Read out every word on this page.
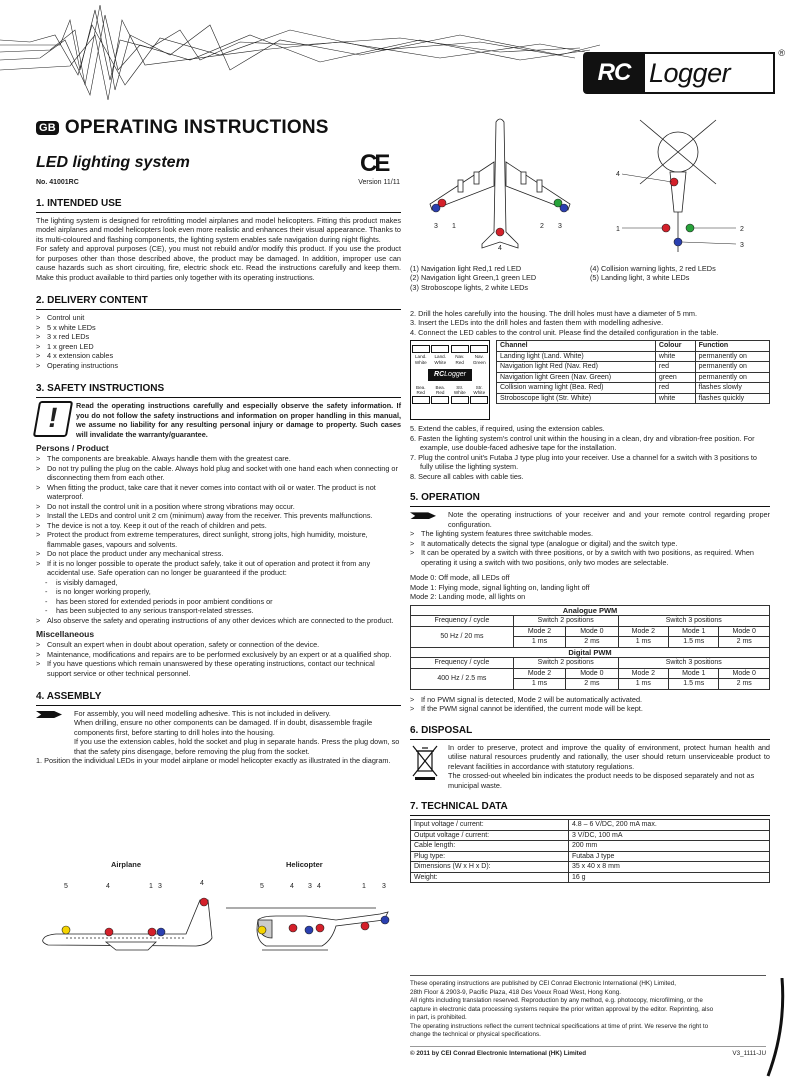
RC Logger
®
GB OPERATING INSTRUCTIONS
LED lighting system	CE
No. 41001RC	Version 11/11
1. INTENDED USE

The lighting system is designed for retrofitting model airplanes and model helicopters. Fitting this product makes model airplanes and model helicopters look even more realistic and enhances their visual appearance. Thanks to its multi-coloured and flashing components, the lighting system enables safe navigation during night flights.

For safety and approval purposes (CE), you must not rebuild and/or modify this product. If you use the product for purposes other than those described above, the product may be damaged. In addition, improper use can cause hazards such as short circuiting, fire, electric shock etc. Read the instructions carefully and keep them. Make this product available to third parties only together with its operating instructions.

2. DELIVERY CONTENT
> Control unit
> 5 x white LEDs
> 3 x red LEDs
> 1 x green LED
> 4 x extension cables
> Operating instructions
3. SAFETY INSTRUCTIONS
!	Read the operating instructions carefully and especially observe the safety information. If you do not follow the safety instructions and information on proper handling in this manual, we assume no liability for any resulting personal injury or damage to property. Such cases will invalidate the warranty/guarantee.
Persons / Product
> The components are breakable. Always handle them with the greatest care.
> Do not try pulling the plug on the cable. Always hold plug and socket with one hand each when connecting or disconnecting them from each other.
> When fitting the product, take care that it never comes into contact with oil or water. The product is not waterproof.
> Do not install the control unit in a position where strong vibrations may occur.
> Install the LEDs and control unit 2 cm (minimum) away from the receiver. This prevents malfunctions.
> The device is not a toy. Keep it out of the reach of children and pets.
> Protect the product from extreme temperatures, direct sunlight, strong jolts, high humidity, moisture, flammable gases, vapours and solvents.
> Do not place the product under any mechanical stress.
> If it is no longer possible to operate the product safely, take it out of operation and protect it from any accidental use. Safe operation can no longer be guaranteed if the product:
- is visibly damaged,
- is no longer working properly,
- has been stored for extended periods in poor ambient conditions or
- has been subjected to any serious transport-related stresses.
> Also observe the safety and operating instructions of any other devices which are connected to the product.
Miscellaneous
> Consult an expert when in doubt about operation, safety or connection of the device.
> Maintenance, modifications and repairs are to be performed exclusively by an expert or at a qualified shop.
> If you have questions which remain unanswered by these operating instructions, contact our technical support service or other technical personnel.
4. ASSEMBLY
For assembly, you will need modelling adhesive. This is not included in delivery.
When drilling, ensure no other components can be damaged. If in doubt, disassemble fragile components first, before starting to drill holes into the housing.
If you use the extension cables, hold the socket and plug in separate hands. Press the plug down, so that the safety pins disengage, before removing the plug from the socket.
1. Position the individual LEDs in your model airplane or model helicopter exactly as illustrated in the diagram.
Airplane	Helicopter
5	4	1 3	4	5	4 3 4	1 3
3 1
4
2 3
4
1	2
3
(1) Navigation light Red,1 red LED
(2) Navigation light Green,1 green LED
(3) Stroboscope lights, 2 white LEDs
(4) Collision warning lights, 2 red LEDs
(5) Landing light, 3 white LEDs
2. Drill the holes carefully into the housing. The drill holes must have a diameter of 5 mm.
3. Insert the LEDs into the drill holes and fasten them with modelling adhesive.
4. Connect the LED cables to the control unit. Please find the detailed configuration in the table.
Land. White
Land. White
Nav. Red
Nav. Green
RCLogger
Bea. Red
Bea. Red
Str. White
Str. White
Channel	Colour	Function
Landing light (Land. White)	white	permanently on
Navigation light Red (Nav. Red)	red	permanently on
Navigation light Green (Nav. Green)	green	permanently on
Collision warning light (Bea. Red)	red	flashes slowly
Stroboscope light (Str. White)	white	flashes quickly
5. Extend the cables, if required, using the extension cables.
6. Fasten the lighting system's control unit within the housing in a clean, dry and vibration-free position. For example, use double-faced adhesive tape for the installation.
7. Plug the control unit's Futaba J type plug into your receiver. Use a channel for a switch with 3 positions to fully utilise the lighting system.
8. Secure all cables with cable ties.
5. OPERATION
Note the operating instructions of your receiver and and your remote control regarding proper configuration.
> The lighting system features three switchable modes.
> It automatically detects the signal type (analogue or digital) and the switch type.
> It can be operated by a switch with three positions, or by a switch with two positions, as required. When operating it using a switch with two positions, only two modes are selectable.
Mode 0: Off mode, all LEDs off
Mode 1: Flying mode, signal lighting on, landing light off
Mode 2: Landing mode, all lights on
Analogue PWM					
Frequency / cycle	Switch 2 positions		Switch 3 positions		
50 Hz / 20 ms	Mode 2	Mode 0	Mode 2	Mode 1	Mode 0
	1 ms	2 ms	1 ms	1.5 ms	2 ms
Digital PWM					
Frequency / cycle	Switch 2 positions		Switch 3 positions		
400 Hz / 2.5 ms	Mode 2	Mode 0	Mode 2	Mode 1	Mode 0
	1 ms	2 ms	1 ms	1.5 ms	2 ms
> If no PWM signal is detected, Mode 2 will be automatically activated.
> If the PWM signal cannot be identified, the current mode will be kept.
6. DISPOSAL
In order to preserve, protect and improve the quality of environment, protect human health and utilise natural resources prudently and rationally, the user should return unserviceable product to relevant facilities in accordance with statutory regulations.
The crossed-out wheeled bin indicates the product needs to be disposed separately and not as municipal waste.
7. TECHNICAL DATA
Input voltage / current:	4.8 – 6 V/DC, 200 mA max.
Output voltage / current:	3 V/DC, 100 mA
Cable length:	200 mm
Plug type:	Futaba J type
Dimensions (W x H x D):	35 x 40 x 8 mm
Weight:	16 g
These operating instructions are published by CEI Conrad Electronic International (HK) Limited,
28th Floor & 2903-9, Pacific Plaza, 418 Des Voeux Road West, Hong Kong.
All rights including translation reserved. Reproduction by any method, e.g. photocopy, microfilming, or the
capture in electronic data processing systems require the prior written approval by the editor. Reprinting, also
in part, is prohibited.
The operating instructions reflect the current technical specifications at time of print. We reserve the right to
change the technical or physical specifications.
© 2011 by CEI Conrad Electronic International (HK) Limited	V3_1111-JU
